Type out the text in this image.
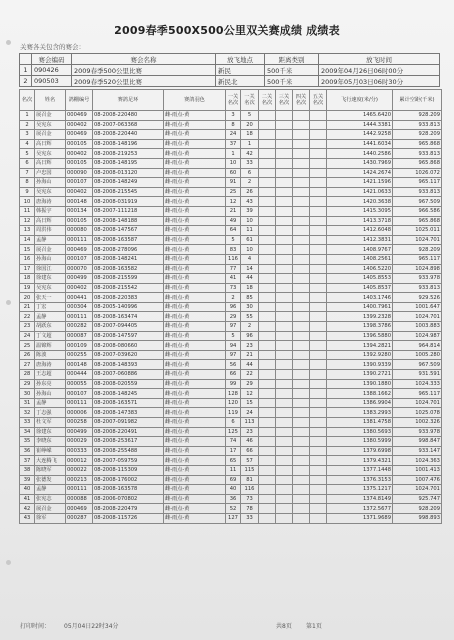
2009春季500X500公里双关赛成绩 成绩表
关赛各关包含的赛会：
	赛会编码	赛会名称	放飞地点	距离类别	放飞时间
1	090426	2009春季500公里比赛	新民	500千米	2009年04月26日06时00分
2	090503	2009春季520公里比赛	新民北	500千米	2009年05月03日06时30分
名次	姓名	鸽棚编号	赛鸽足环	赛鸽羽色	一关名次	一关名次	二关名次	三关名次	四关名次	五关名次	飞行速度(米/分)	累计空距(千米)
1	展召金	000469	08-2008-220480	雌-雨点-黄	3	5					1465.6420	928.209
2	吴宪东	000402	08-2007-063368	雌-雨点-黄	8	20					1444.3381	933.813
3	展召金	000469	08-2008-220440	雌-雨点-黄	24	18					1442.9258	928.209
4	高日辉	000105	08-2008-148196	雌-雨点-黄	37	1					1441.6034	965.868
5	吴宪东	000402	08-2008-219253	雌-雨点-黄	1	42					1440.2586	933.813
6	高日辉	000105	08-2008-148195	雌-雨点-黄	10	33					1430.7969	965.868
7	卢忠国	000090	08-2008-013120	雌-雨点-黄	60	6					1424.2674	1026.072
8	孙海山	000107	08-2008-148249	雌-雨点-黄	91	2					1421.1596	965.117
9	吴宪东	000402	08-2008-215545	雌-雨点-黄	25	26					1421.0633	933.813
10	唐海涛	000148	08-2008-031919	雌-雨点-黄	12	43					1420.3638	967.509
11	韩振宇	000134	08-2007-111218	雌-雨点-黄	21	39					1415.3095	966.586
12	高日辉	000105	08-2008-148188	雌-雨点-黄	49	10					1413.3718	965.868
13	周洪伟	000080	08-2008-147567	雌-雨点-黄	64	11					1412.6048	1025.011
14	孟静	000111	08-2008-163587	雌-雨点-黄	5	61					1412.3831	1024.701
15	展召金	000469	08-2008-278096	雌-雨点-黄	83	10					1408.9767	928.209
16	孙海山	000107	08-2008-148241	雌-雨点-黄	116	4					1408.2561	965.117
17	徐国江	000070	08-2008-163582	雌-雨点-黄	77	14					1406.5220	1024.898
18	徐建东	000499	08-2008-215599	雌-雨点-黄	41	44					1405.8553	933.978
19	吴宪东	000402	08-2008-215542	雌-雨点-黄	73	18					1405.8537	933.813
20	张天一	000441	08-2008-220383	雌-雨点-黄	2	85					1403.1746	929.526
21	丁宏	000304	08-2005-140996	雌-雨点-黄	96	30					1400.7961	1001.647
22	孟静	000111	08-2008-163474	雌-雨点-黄	29	55					1399.2328	1024.701
23	胡跃东	000282	08-2007-094405	雌-雨点-黄	97	2					1398.3786	1003.883
24	丁文超	000087	08-2008-147597	雌-雨点-黄	5	96					1396.5880	1024.987
25	温锦辉	000109	08-2008-080660	雌-雨点-黄	94	23					1394.2821	964.814
26	陈波	000255	08-2007-039620	雌-雨点-黄	97	21					1392.9280	1005.280
27	唐海涛	000148	08-2008-148393	雌-雨点-黄	56	44					1390.9339	967.509
28	王志超	000444	08-2007-060886	雌-雨点-黄	66	22					1390.2721	931.591
29	孙东亮	000055	08-2008-020559	雌-雨点-黄	99	29					1390.1880	1024.333
30	孙海山	000107	08-2008-148245	雌-雨点-黄	128	12					1388.1662	965.117
31	孟静	000111	08-2008-163571	雌-雨点-黄	120	15					1386.9904	1024.701
32	丁志强	000006	08-2008-147383	雌-雨点-黄	119	24					1383.2993	1025.078
33	杜文军	000258	08-2007-091982	雌-雨点-黄	6	113					1381.4758	1002.326
34	徐建东	000499	08-2008-220491	雌-雨点-黄	125	23					1380.5693	933.978
35	李晓东	000029	08-2008-253617	雌-雨点-黄	74	46					1380.5999	998.847
36	崔峥嵘	000333	08-2008-255488	雌-雨点-黄	17	66					1379.6998	933.147
37	大连腾飞	000012	08-2007-059759	雌-雨点-黄	65	57					1379.4321	1024.363
38	陈晓军	000022	08-2008-115309	雌-雨点-黄	11	115					1377.1448	1001.413
39	张德发	000213	08-2008-176002	雌-雨点-黄	69	81					1376.3153	1007.476
40	孟静	000111	08-2008-163578	雌-雨点-黄	40	116					1375.1217	1024.701
41	张宪志	000088	08-2006-070802	雌-雨点-黄	36	73					1374.8149	925.747
42	展召金	000469	08-2008-220479	雌-雨点-黄	52	78					1372.5677	928.209
43	徐军	000287	08-2008-115726	雌-雨点-黄	127	33					1371.9689	998.893
打印时间： 05月04日22时34分	共8页 第1页
